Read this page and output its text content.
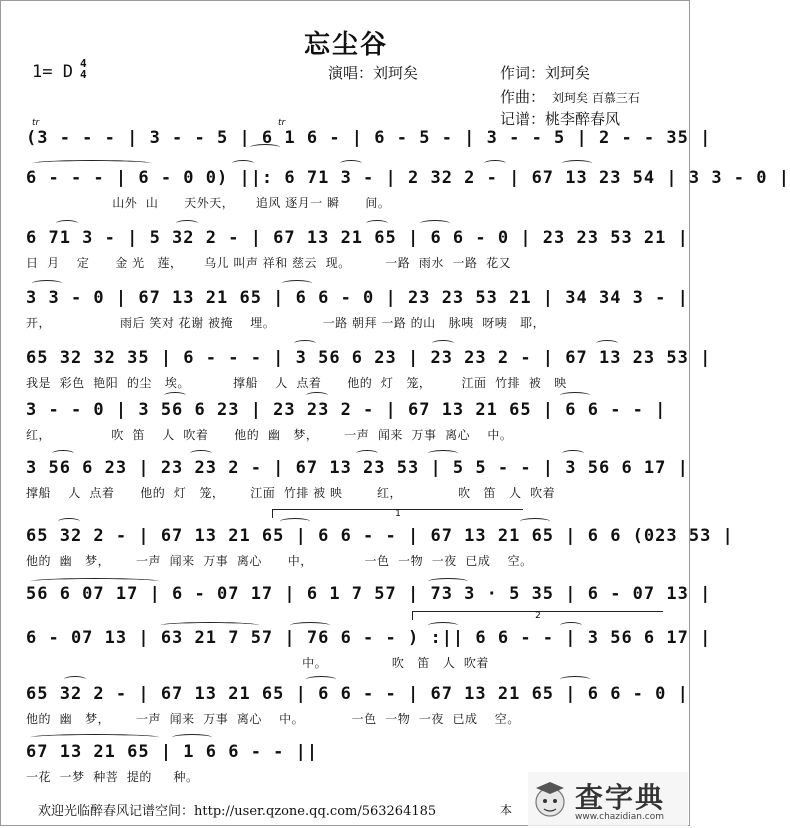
忘尘谷
1= D 4
4	演唱：刘珂矣	作词：刘珂矣
作曲： 刘珂矣 百慕三石
记谱：桃李醉春风
tr	tr
(3 - - - | 3 - - 5 | 6 1 6 - | 6 - 5 - | 3 - - 5 | 2 - - 35 |
6 - - - | 6 - 0 0) ||: 6 71 3 - | 2 32 2 - | 67 13 23 54 | 3 3 - 0 |
山外  山      天外天，     追风 逐月一 瞬      间。
6 71 3 - | 5 32 2 - | 67 13 21 65 | 6 6 - 0 | 23 23 53 21 |
日  月    定      金 光   莲，     乌儿 叫声 祥和 慈云  现。        一路  雨水  一路  花又
3 3 - 0 | 67 13 21 65 | 6 6 - 0 | 23 23 53 21 | 34 34 3 - |
开，                雨后 笑对 花谢 被掩    埋。           一路 朝拜 一路 的山   脉咦  呀咦   耶，
65 32 32 35 | 6 - - - | 3 56 6 23 | 23 23 2 - | 67 13 23 53 |
我是  彩色  艳阳  的尘   埃。          撑船    人  点着      他的  灯   笼，       江面  竹排  被   映
3 - - 0 | 3 56 6 23 | 23 23 2 - | 67 13 21 65 | 6 6 - - |
红，              吹  笛    人  吹着      他的  幽   梦，      一声  闻来  万事  离心    中。
3 56 6 23 | 23 23 2 - | 67 13 23 53 | 5 5 - - | 3 56 6 17 |
撑船    人  点着      他的  灯   笼，      江面  竹排 被 映        红，             吹   笛   人  吹着
1
65 32 2 - | 67 13 21 65 | 6 6 - - | 67 13 21 65 | 6 6 (023 53 |
他的  幽   梦，      一声  闻来  万事  离心      中，            一色  一物  一夜  已成    空。
56 6 07 17 | 6 - 07 17 | 6 1 7 57 | 73 3 · 5 35 | 6 - 07 13 |
2
6 - 07 13 | 63 21 7 57 | 76 6 - - ) :|| 6 6 - - | 3 56 6 17 |
中。               吹   笛   人  吹着
65 32 2 - | 67 13 21 65 | 6 6 - - | 67 13 21 65 | 6 6 - 0 |
他的  幽   梦，      一声  闻来  万事  离心    中。           一色  一物  一夜  已成    空。
67 13 21 65 | 1 6 6 - - ||
一花  一梦  种菩  提的     种。
欢迎光临醉春风记谱空间：http://user.qzone.qq.com/563264185	本 查字典
www.chazidian.com
